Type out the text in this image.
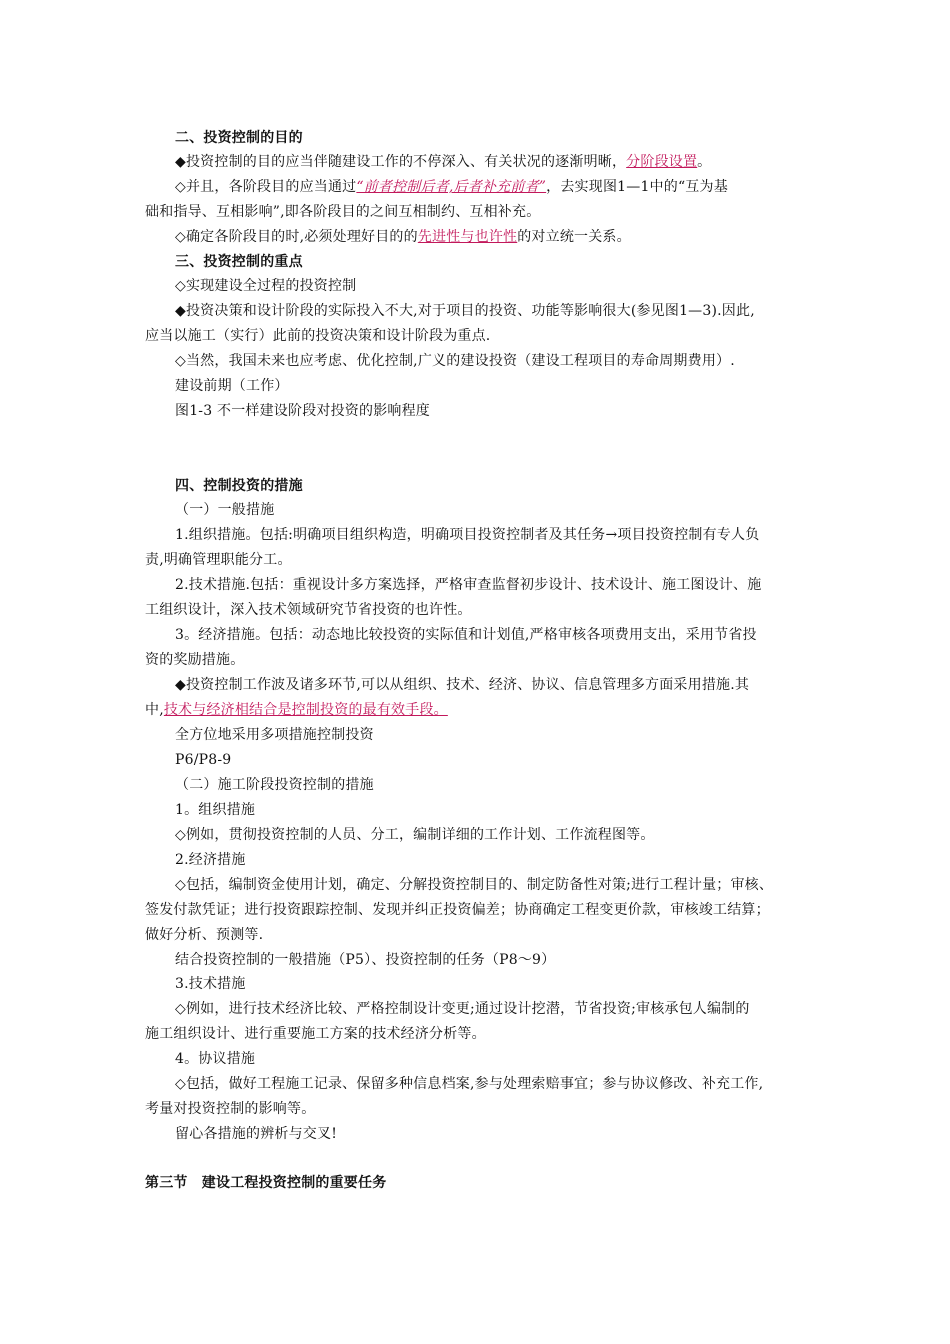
二、投资控制的目的
◆投资控制的目的应当伴随建设工作的不停深入、有关状况的逐渐明晰，分阶段设置。
◇并且，各阶段目的应当通过“前者控制后者,后者补充前者”，去实现图1—1中的“互为基
础和指导、互相影响”,即各阶段目的之间互相制约、互相补充。
◇确定各阶段目的时,必须处理好目的的先进性与也许性的对立统一关系。
三、投资控制的重点
◇实现建设全过程的投资控制
◆投资决策和设计阶段的实际投入不大,对于项目的投资、功能等影响很大(参见图1—3).因此,
应当以施工（实行）此前的投资决策和设计阶段为重点.
◇当然，我国未来也应考虑、优化控制,广义的建设投资（建设工程项目的寿命周期费用）.
建设前期（工作）
图1-3 不一样建设阶段对投资的影响程度
四、控制投资的措施
（一）一般措施
1.组织措施。包括:明确项目组织构造，明确项目投资控制者及其任务→项目投资控制有专人负
责,明确管理职能分工。
2.技术措施.包括：重视设计多方案选择，严格审查监督初步设计、技术设计、施工图设计、施
工组织设计，深入技术领域研究节省投资的也许性。
3。经济措施。包括：动态地比较投资的实际值和计划值,严格审核各项费用支出，采用节省投
资的奖励措施。
◆投资控制工作波及诸多环节,可以从组织、技术、经济、协议、信息管理多方面采用措施.其
中,技术与经济相结合是控制投资的最有效手段。
全方位地采用多项措施控制投资
P6/P8-9
（二）施工阶段投资控制的措施
1。组织措施
◇例如，贯彻投资控制的人员、分工，编制详细的工作计划、工作流程图等。
2.经济措施
◇包括，编制资金使用计划，确定、分解投资控制目的、制定防备性对策;进行工程计量；审核、
签发付款凭证；进行投资跟踪控制、发现并纠正投资偏差；协商确定工程变更价款，审核竣工结算；
做好分析、预测等.
结合投资控制的一般措施（P5）、投资控制的任务（P8～9）
3.技术措施
◇例如，进行技术经济比较、严格控制设计变更;通过设计挖潜，节省投资;审核承包人编制的
施工组织设计、进行重要施工方案的技术经济分析等。
4。协议措施
◇包括，做好工程施工记录、保留多种信息档案,参与处理索赔事宜；参与协议修改、补充工作,
考量对投资控制的影响等。
留心各措施的辨析与交叉!
第三节　建设工程投资控制的重要任务
